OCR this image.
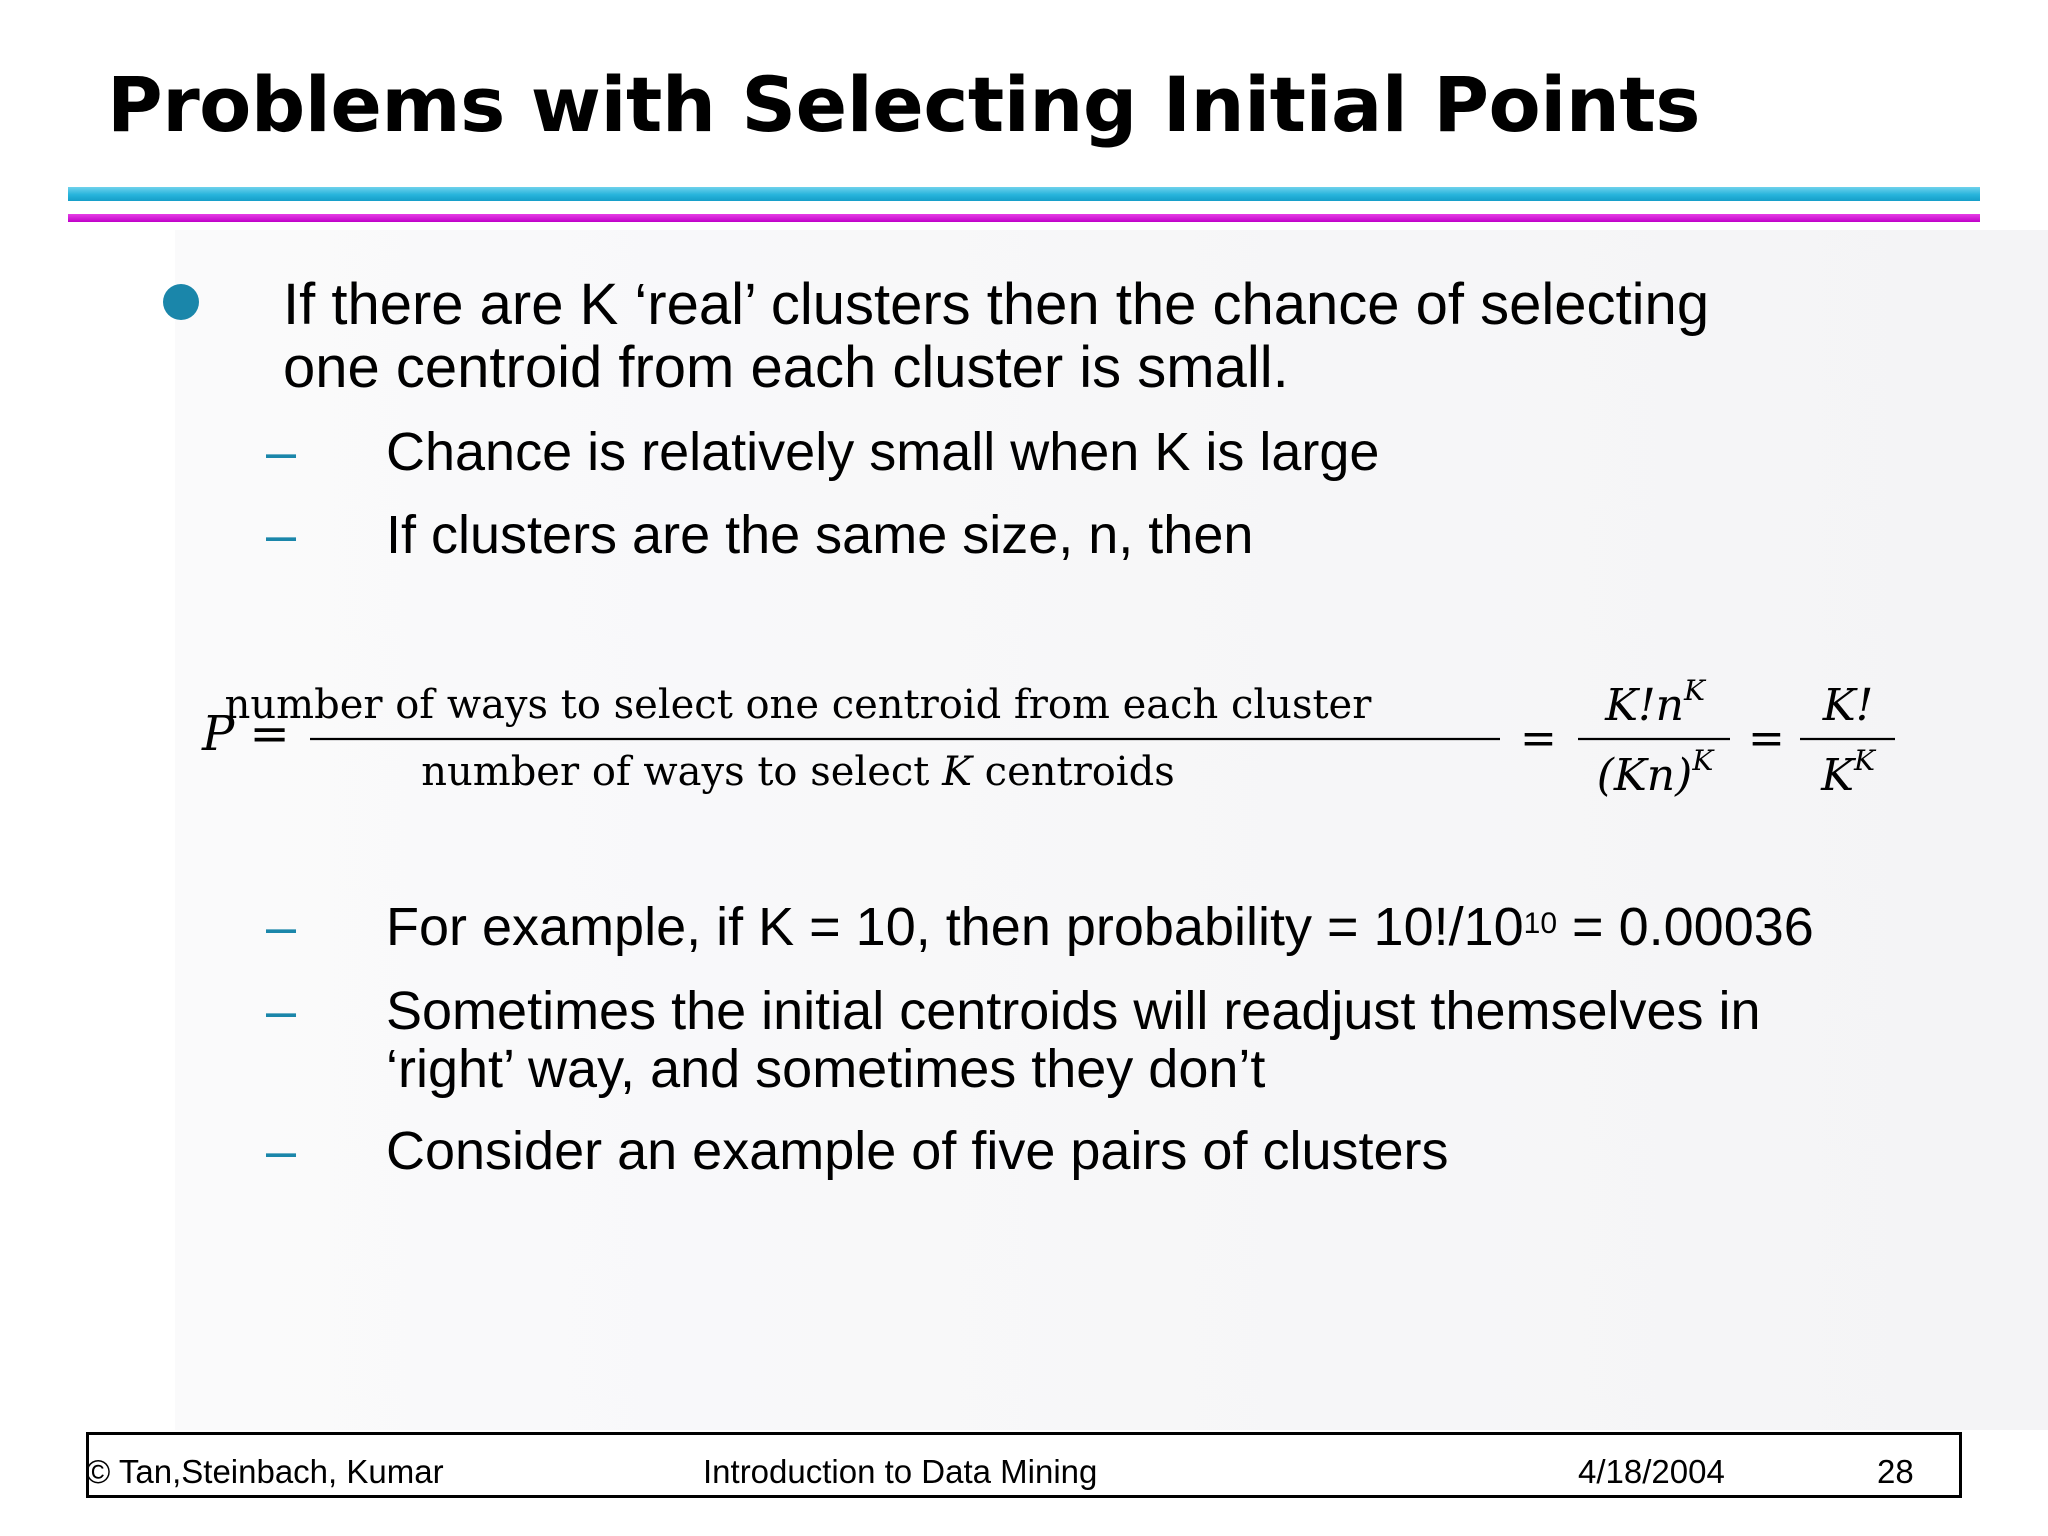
Problems with Selecting Initial Points
If there are K ‘real’ clusters then the chance of selecting
one centroid from each cluster is small.
– Chance is relatively small when K is large
– If clusters are the same size, n, then
P =
number of ways to select one centroid from each cluster
number of ways to select K centroids
=
$K!n^K$
$(Kn)^K$ =
K!
$K^K$
– For example, if K = 10, then probability = $10!/10^{10} = 0.00036$
– Sometimes the initial centroids will readjust themselves in
‘right’ way, and sometimes they don’t
– Consider an example of five pairs of clusters
© Tan,Steinbach, Kumar	Introduction to Data Mining	4/18/2004	28
